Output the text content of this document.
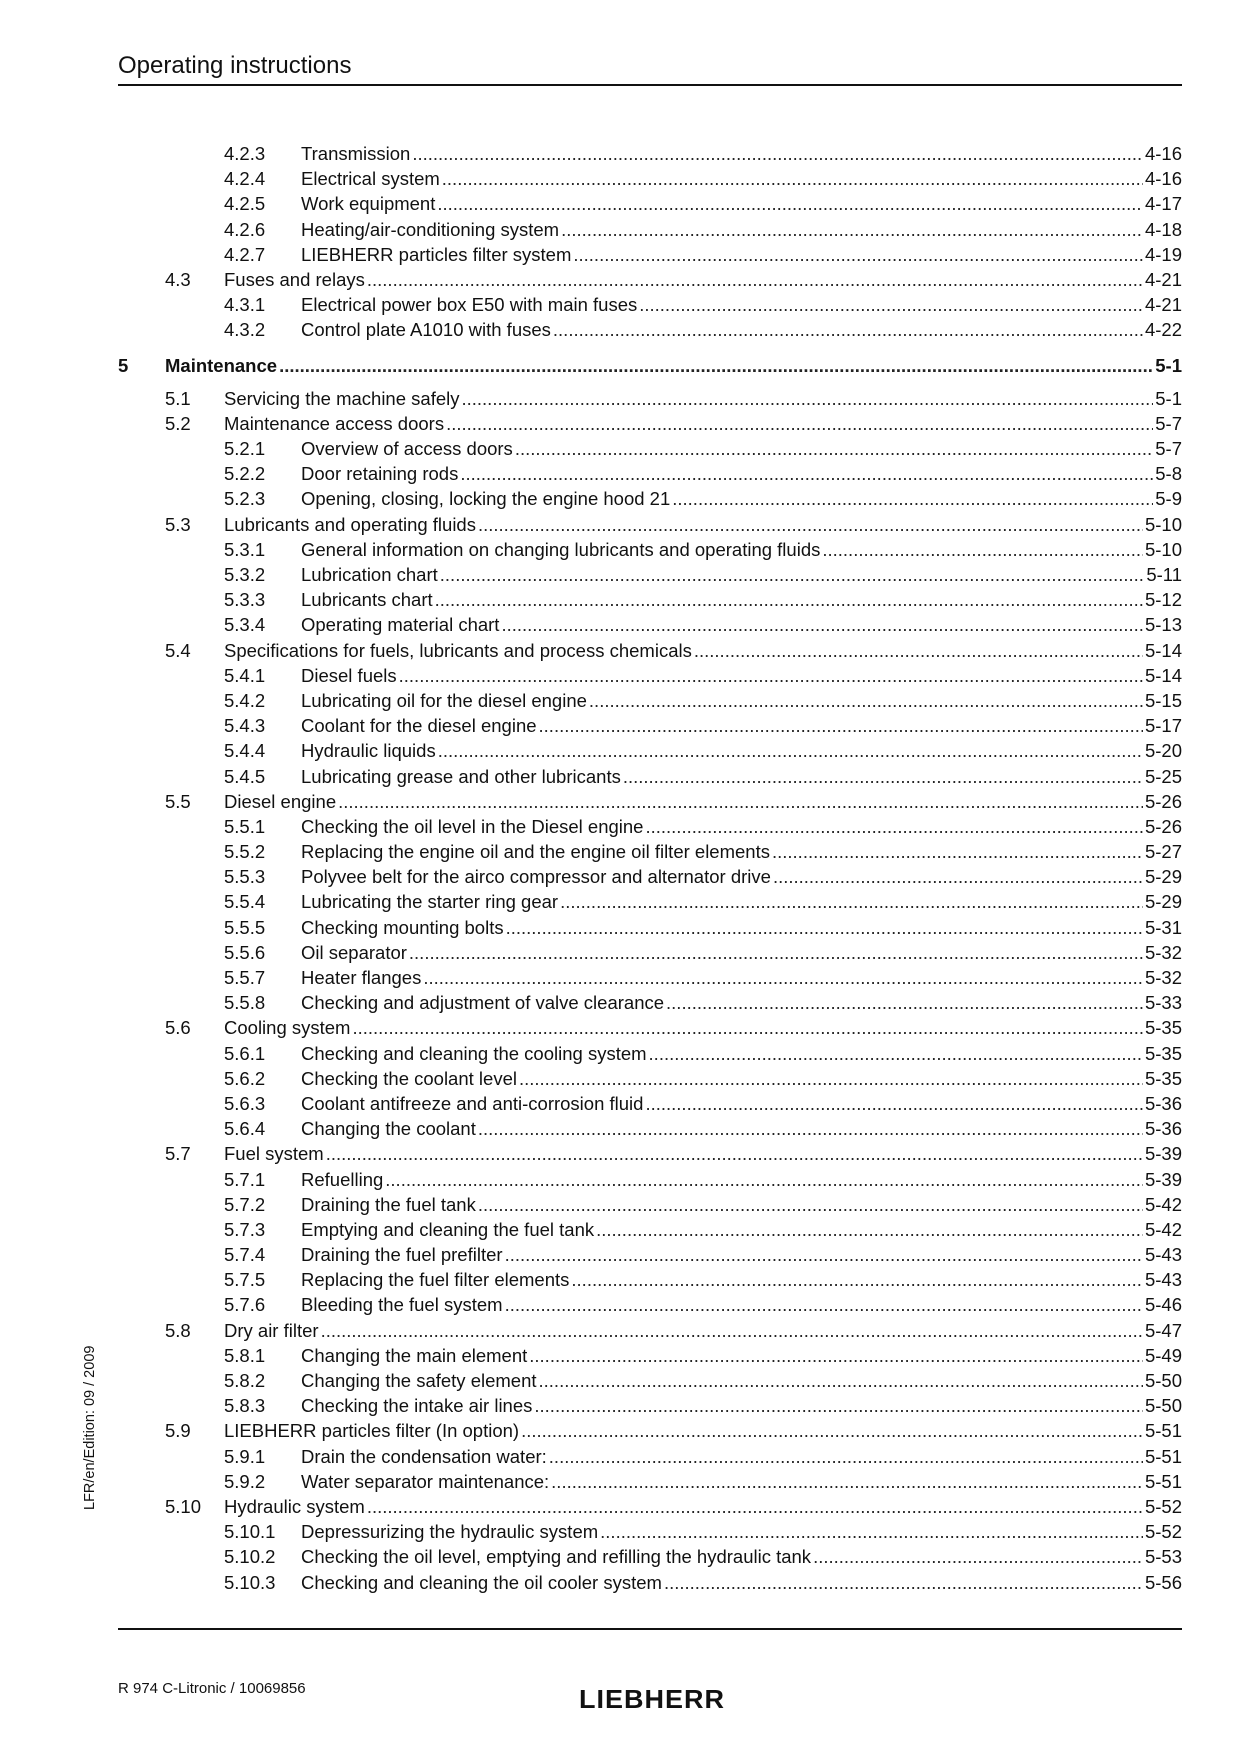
Operating instructions
4.2.3	Transmission .....	4-16
4.2.4	Electrical system .....	4-16
4.2.5	Work equipment .....	4-17
4.2.6	Heating/air-conditioning system .....	4-18
4.2.7	LIEBHERR particles filter system .....	4-19
4.3	Fuses and relays .....	4-21
4.3.1	Electrical power box E50 with main fuses .....	4-21
4.3.2	Control plate A1010 with fuses .....	4-22
5	Maintenance .....	5-1
5.1	Servicing the machine safely .....	5-1
5.2	Maintenance access doors .....	5-7
5.2.1	Overview of access doors .....	5-7
5.2.2	Door retaining rods .....	5-8
5.2.3	Opening, closing, locking the engine hood 21 .....	5-9
5.3	Lubricants and operating fluids .....	5-10
5.3.1	General information on changing lubricants and operating fluids .....	5-10
5.3.2	Lubrication chart .....	5-11
5.3.3	Lubricants chart .....	5-12
5.3.4	Operating material chart .....	5-13
5.4	Specifications for fuels, lubricants and process chemicals .....	5-14
5.4.1	Diesel fuels .....	5-14
5.4.2	Lubricating oil for the diesel engine .....	5-15
5.4.3	Coolant for the diesel engine .....	5-17
5.4.4	Hydraulic liquids .....	5-20
5.4.5	Lubricating grease and other lubricants .....	5-25
5.5	Diesel engine .....	5-26
5.5.1	Checking the oil level in the Diesel engine .....	5-26
5.5.2	Replacing the engine oil and the engine oil filter elements .....	5-27
5.5.3	Polyvee belt for the airco compressor and alternator drive .....	5-29
5.5.4	Lubricating the starter ring gear .....	5-29
5.5.5	Checking mounting bolts .....	5-31
5.5.6	Oil separator .....	5-32
5.5.7	Heater flanges .....	5-32
5.5.8	Checking and adjustment of valve clearance .....	5-33
5.6	Cooling system .....	5-35
5.6.1	Checking and cleaning the cooling system .....	5-35
5.6.2	Checking the coolant level .....	5-35
5.6.3	Coolant antifreeze and anti-corrosion fluid .....	5-36
5.6.4	Changing the coolant .....	5-36
5.7	Fuel system .....	5-39
5.7.1	Refuelling .....	5-39
5.7.2	Draining the fuel tank .....	5-42
5.7.3	Emptying and cleaning the fuel tank .....	5-42
5.7.4	Draining the fuel prefilter .....	5-43
5.7.5	Replacing the fuel filter elements .....	5-43
5.7.6	Bleeding the fuel system .....	5-46
5.8	Dry air filter .....	5-47
5.8.1	Changing the main element .....	5-49
5.8.2	Changing the safety element .....	5-50
5.8.3	Checking the intake air lines .....	5-50
5.9	LIEBHERR particles filter (In option) .....	5-51
5.9.1	Drain the condensation water: .....	5-51
5.9.2	Water separator maintenance: .....	5-51
5.10	Hydraulic system .....	5-52
5.10.1	Depressurizing the hydraulic system .....	5-52
5.10.2	Checking the oil level, emptying and refilling the hydraulic tank .....	5-53
5.10.3	Checking and cleaning the oil cooler system .....	5-56
LFR/en/Edition: 09 / 2009
R 974 C-Litronic / 10069856	LIEBHERR
